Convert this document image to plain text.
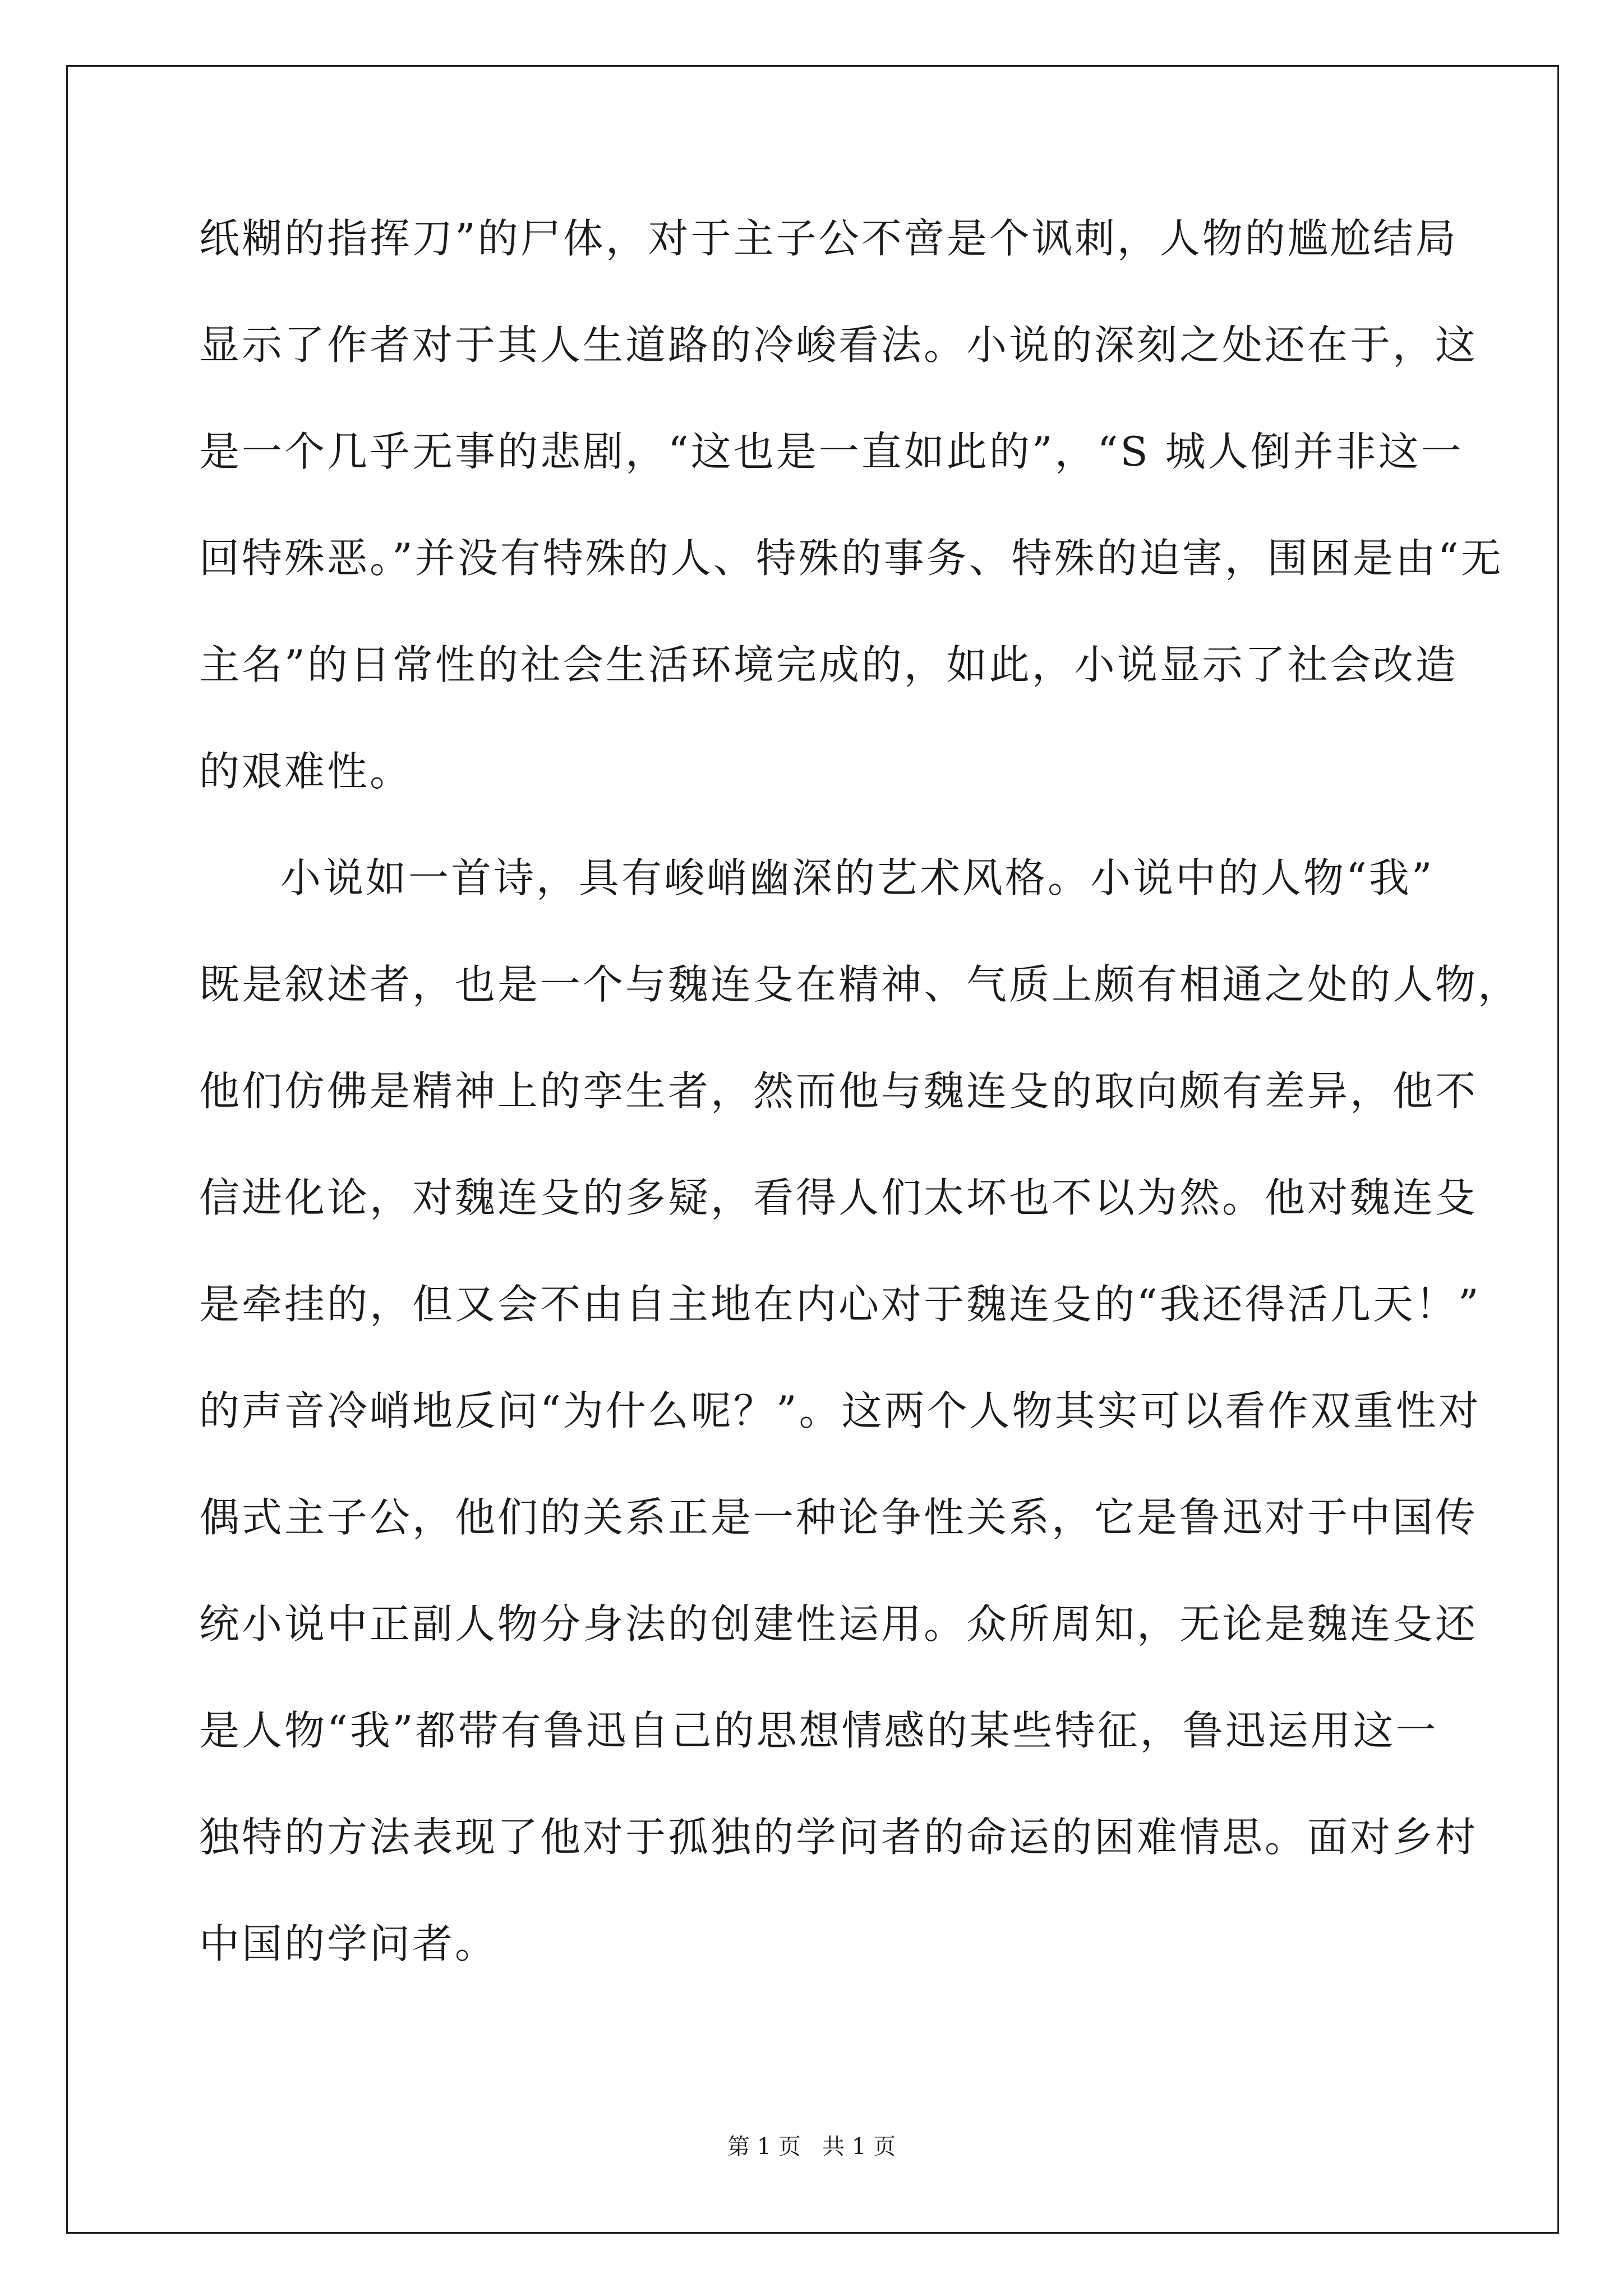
纸糊的指挥刀”的尸体，对于主子公不啻是个讽刺，人物的尴尬结局
显示了作者对于其人生道路的冷峻看法。小说的深刻之处还在于，这
是一个几乎无事的悲剧，“这也是一直如此的”，“S 城人倒并非这一
回特殊恶。”并没有特殊的人、特殊的事务、特殊的迫害，围困是由“无
主名”的日常性的社会生活环境完成的，如此，小说显示了社会改造
的艰难性。
小说如一首诗，具有峻峭幽深的艺术风格。小说中的人物“我”
既是叙述者，也是一个与魏连殳在精神、气质上颇有相通之处的人物，
他们仿佛是精神上的孪生者，然而他与魏连殳的取向颇有差异，他不
信进化论，对魏连殳的多疑，看得人们太坏也不以为然。他对魏连殳
是牵挂的，但又会不由自主地在内心对于魏连殳的“我还得活几天！”
的声音冷峭地反问“为什么呢？”。这两个人物其实可以看作双重性对
偶式主子公，他们的关系正是一种论争性关系，它是鲁迅对于中国传
统小说中正副人物分身法的创建性运用。众所周知，无论是魏连殳还
是人物“我”都带有鲁迅自己的思想情感的某些特征，鲁迅运用这一
独特的方法表现了他对于孤独的学问者的命运的困难情思。面对乡村
中国的学问者。
第 1 页   共 1 页
